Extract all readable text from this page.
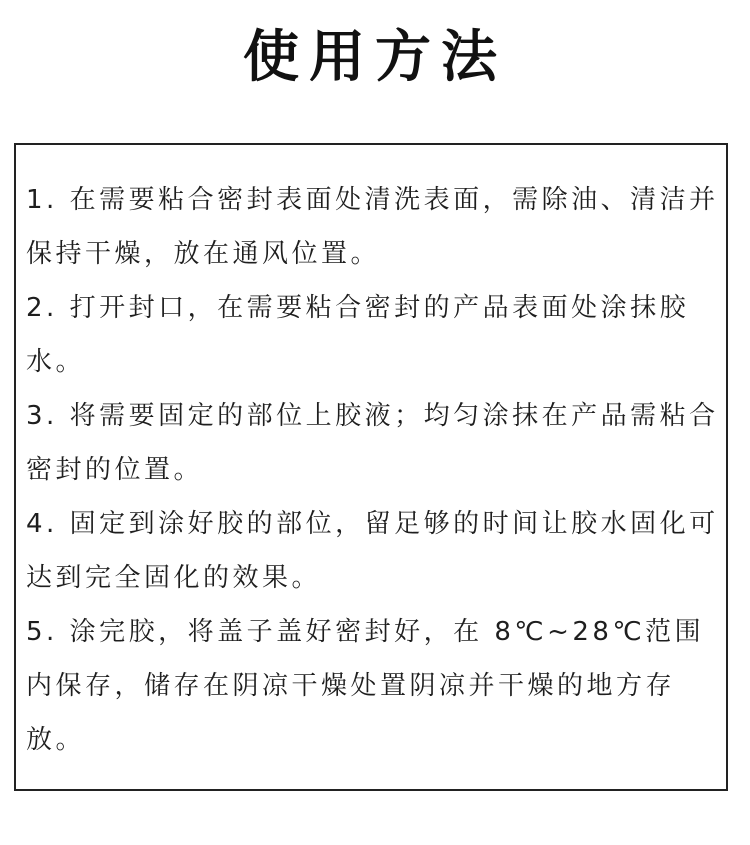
使用方法
1. 在需要粘合密封表面处清洗表面，需除油、清洁并保持干燥，放在通风位置。
2. 打开封口，在需要粘合密封的产品表面处涂抹胶水。
3. 将需要固定的部位上胶液；均匀涂抹在产品需粘合密封的位置。
4. 固定到涂好胶的部位，留足够的时间让胶水固化可达到完全固化的效果。
5. 涂完胶，将盖子盖好密封好，在 8℃~28℃范围内保存，储存在阴凉干燥处置阴凉并干燥的地方存放。
